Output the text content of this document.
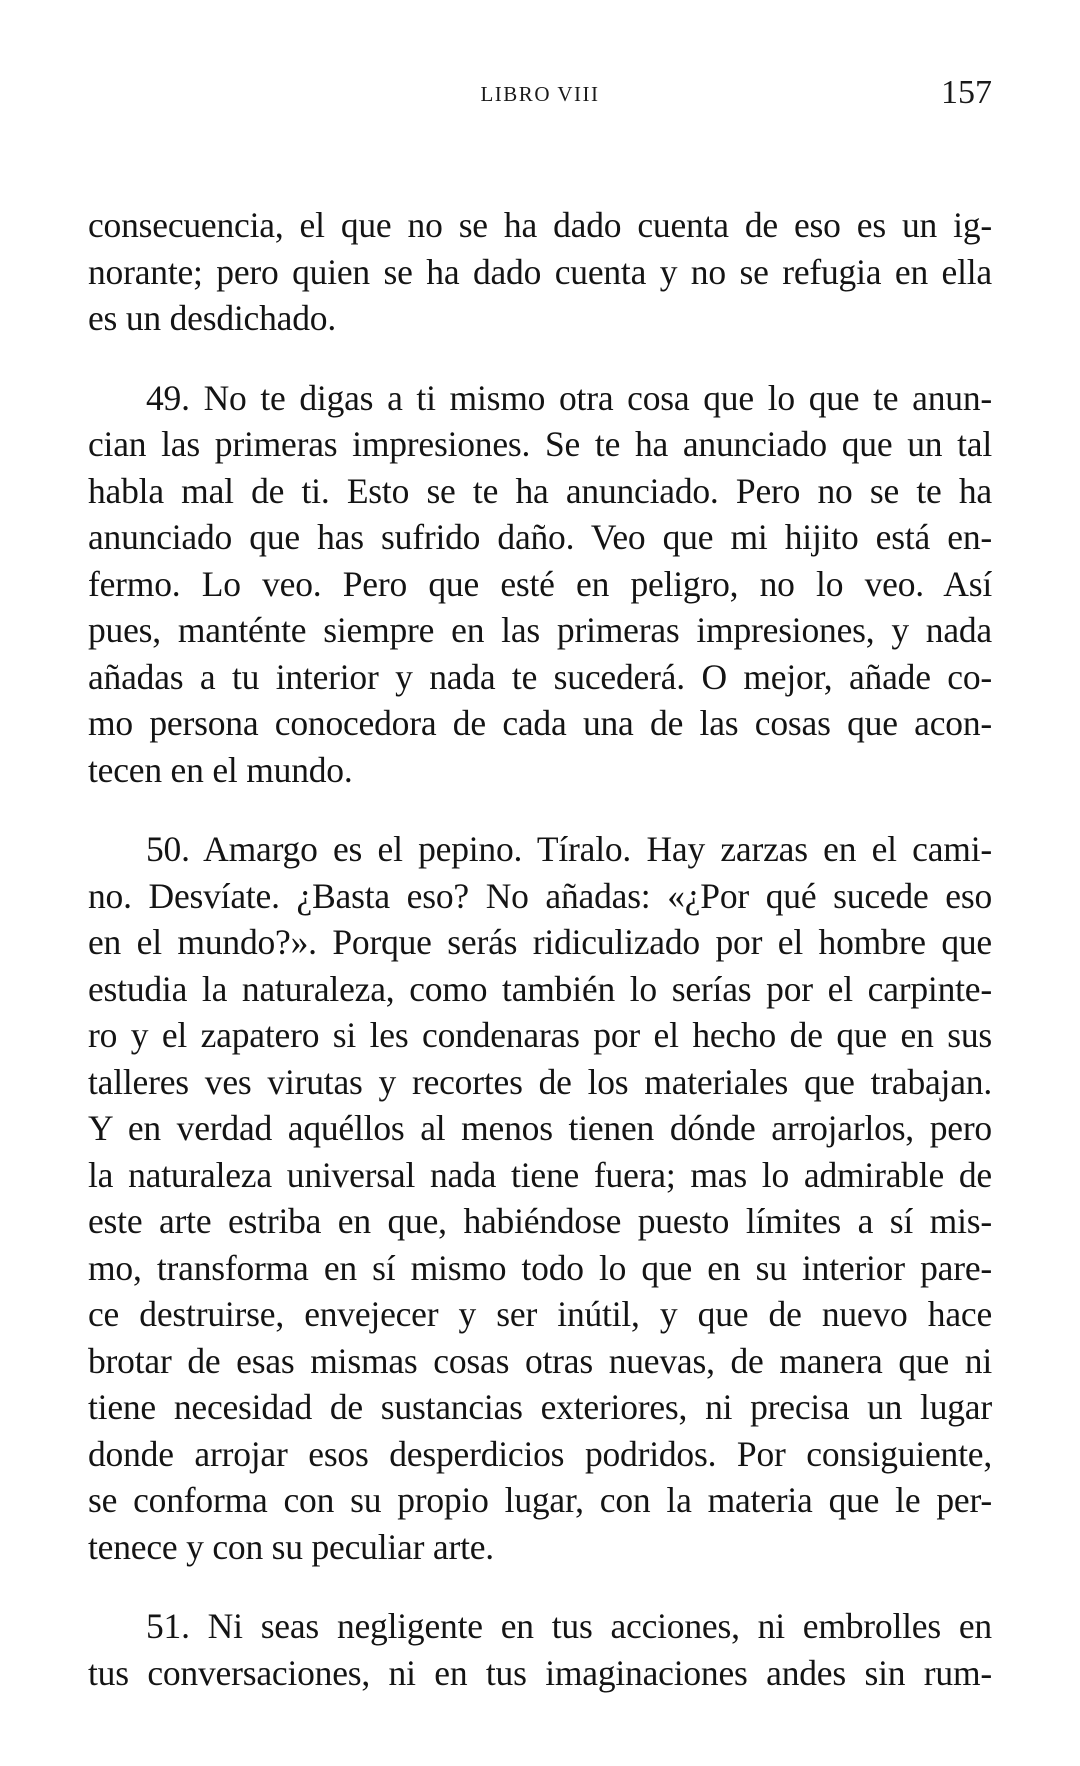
LIBRO VIII	157

consecuencia, el que no se ha dado cuenta de eso es un ig-
norante; pero quien se ha dado cuenta y no se refugia en ella
es un desdichado.

49. No te digas a ti mismo otra cosa que lo que te anun-
cian las primeras impresiones. Se te ha anunciado que un tal
habla mal de ti. Esto se te ha anunciado. Pero no se te ha
anunciado que has sufrido daño. Veo que mi hijito está en-
fermo. Lo veo. Pero que esté en peligro, no lo veo. Así
pues, manténte siempre en las primeras impresiones, y nada
añadas a tu interior y nada te sucederá. O mejor, añade co-
mo persona conocedora de cada una de las cosas que acon-
tecen en el mundo.

50. Amargo es el pepino. Tíralo. Hay zarzas en el cami-
no. Desvíate. ¿Basta eso? No añadas: «¿Por qué sucede eso
en el mundo?». Porque serás ridiculizado por el hombre que
estudia la naturaleza, como también lo serías por el carpinte-
ro y el zapatero si les condenaras por el hecho de que en sus
talleres ves virutas y recortes de los materiales que trabajan.
Y en verdad aquéllos al menos tienen dónde arrojarlos, pero
la naturaleza universal nada tiene fuera; mas lo admirable de
este arte estriba en que, habiéndose puesto límites a sí mis-
mo, transforma en sí mismo todo lo que en su interior pare-
ce destruirse, envejecer y ser inútil, y que de nuevo hace
brotar de esas mismas cosas otras nuevas, de manera que ni
tiene necesidad de sustancias exteriores, ni precisa un lugar
donde arrojar esos desperdicios podridos. Por consiguiente,
se conforma con su propio lugar, con la materia que le per-
tenece y con su peculiar arte.

51. Ni seas negligente en tus acciones, ni embrolles en
tus conversaciones, ni en tus imaginaciones andes sin rum-
